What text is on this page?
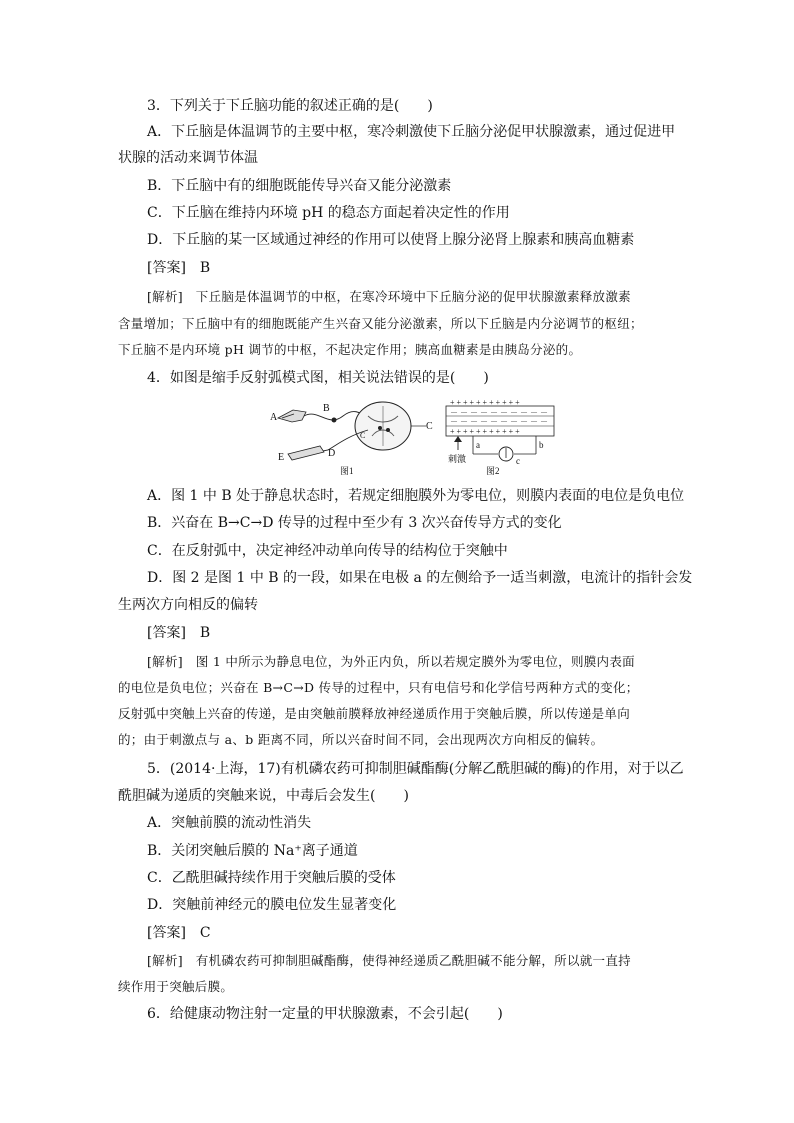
3．下列关于下丘脑功能的叙述正确的是(　　)
A．下丘脑是体温调节的主要中枢，寒冷刺激使下丘脑分泌促甲状腺激素，通过促进甲
状腺的活动来调节体温
B．下丘脑中有的细胞既能传导兴奋又能分泌激素
C．下丘脑在维持内环境 pH 的稳态方面起着决定性的作用
D．下丘脑的某一区域通过神经的作用可以使肾上腺分泌肾上腺素和胰高血糖素
[答案]　B
[解析]　下丘脑是体温调节的中枢，在寒冷环境中下丘脑分泌的促甲状腺激素释放激素
含量增加；下丘脑中有的细胞既能产生兴奋又能分泌激素，所以下丘脑是内分泌调节的枢纽；
下丘脑不是内环境 pH 调节的中枢，不起决定作用；胰高血糖素是由胰岛分泌的。
4．如图是缩手反射弧模式图，相关说法错误的是(　　)
A
B
C
D
E
C
图1
+ + + + + + + + + + +
－ － － － － － － － － －
－ － － － － － － － － －
+ + + + + + + + + + +
刺激
a	b
c
图2
A．图 1 中 B 处于静息状态时，若规定细胞膜外为零电位，则膜内表面的电位是负电位
B．兴奋在 B→C→D 传导的过程中至少有 3 次兴奋传导方式的变化
C．在反射弧中，决定神经冲动单向传导的结构位于突触中
D．图 2 是图 1 中 B 的一段，如果在电极 a 的左侧给予一适当刺激，电流计的指针会发
生两次方向相反的偏转
[答案]　B
[解析]　图 1 中所示为静息电位，为外正内负，所以若规定膜外为零电位，则膜内表面
的电位是负电位；兴奋在 B→C→D 传导的过程中，只有电信号和化学信号两种方式的变化；
反射弧中突触上兴奋的传递，是由突触前膜释放神经递质作用于突触后膜，所以传递是单向
的；由于刺激点与 a、b 距离不同，所以兴奋时间不同，会出现两次方向相反的偏转。
5．(2014·上海，17)有机磷农药可抑制胆碱酯酶(分解乙酰胆碱的酶)的作用，对于以乙
酰胆碱为递质的突触来说，中毒后会发生(　　)
A．突触前膜的流动性消失
B．关闭突触后膜的 Na⁺离子通道
C．乙酰胆碱持续作用于突触后膜的受体
D．突触前神经元的膜电位发生显著变化
[答案]　C
[解析]　有机磷农药可抑制胆碱酯酶，使得神经递质乙酰胆碱不能分解，所以就一直持
续作用于突触后膜。
6．给健康动物注射一定量的甲状腺激素，不会引起(　　)
